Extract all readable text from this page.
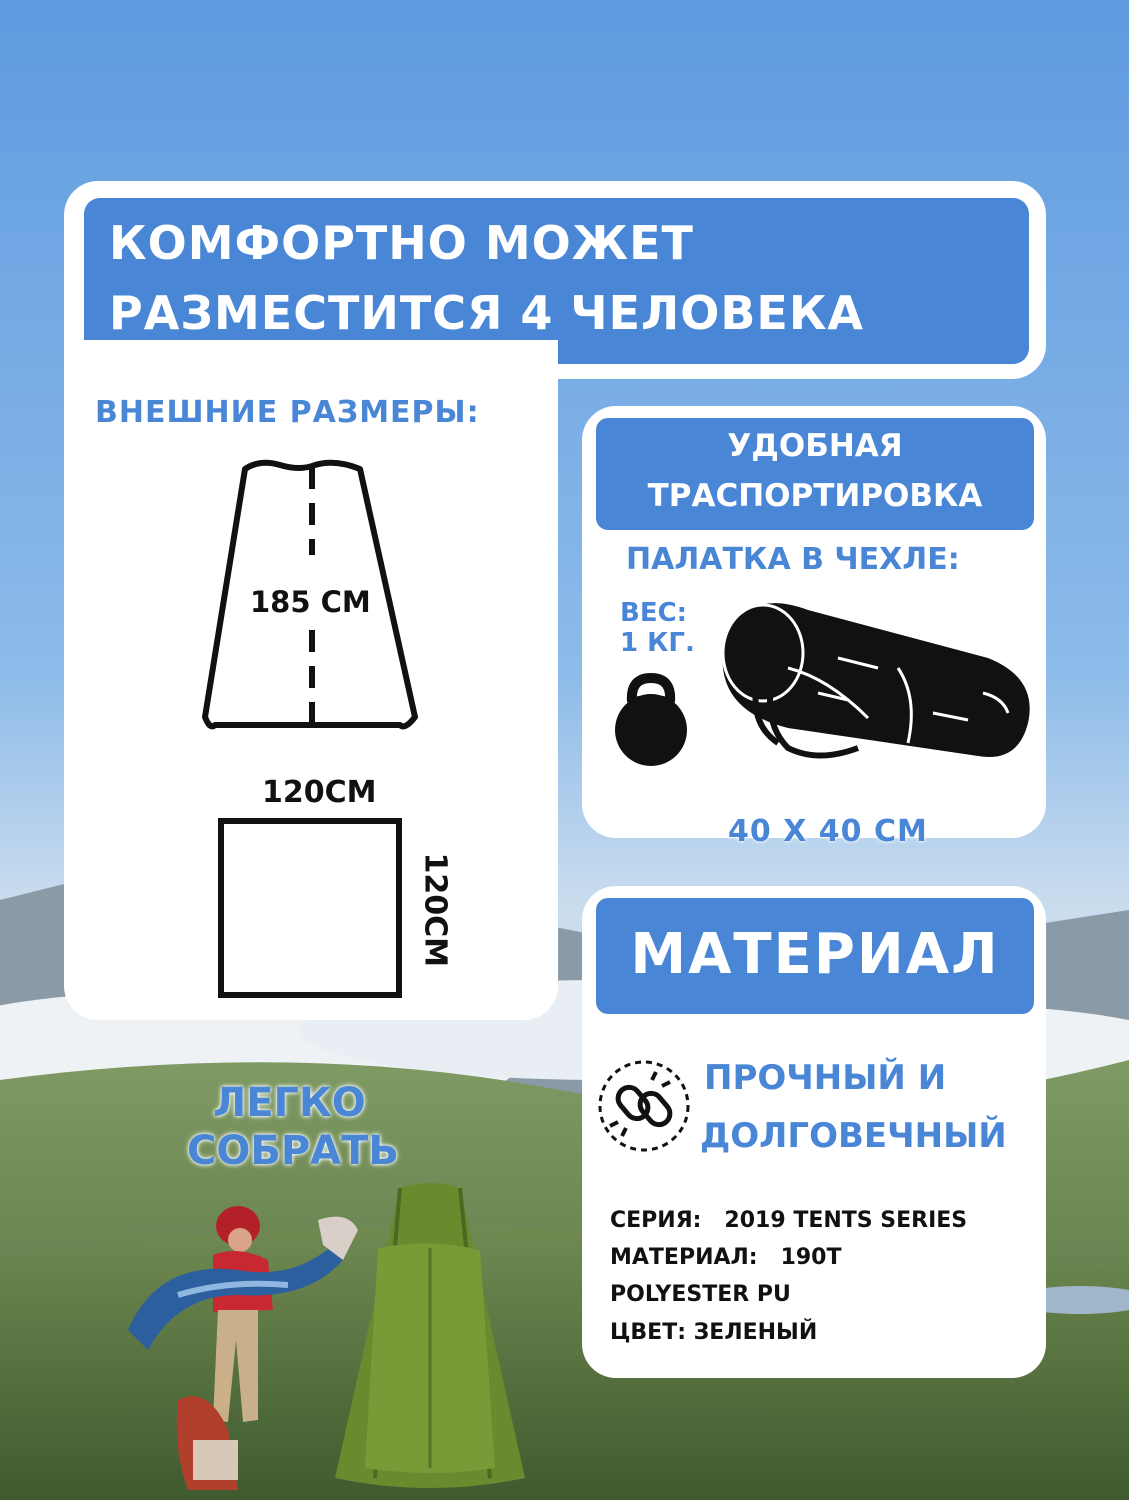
КОМФОРТНО МОЖЕТ
РАЗМЕСТИТСЯ 4 ЧЕЛОВЕКА
ВНЕШНИЕ РАЗМЕРЫ:
185 СМ
120СМ
120СМ
УДОБНАЯ
ТРАСПОРТИРОВКА
ПАЛАТКА В ЧЕХЛЕ:
ВЕС:
1 КГ.
40 Х 40 СМ
МАТЕРИАЛ
ПРОЧНЫЙ И
ДОЛГОВЕЧНЫЙ
СЕРИЯ:   2019 TENTS SERIES
МАТЕРИАЛ:   190T
POLYESTER PU
ЦВЕТ: ЗЕЛЕНЫЙ
ЛЕГКО
СОБРАТЬ
